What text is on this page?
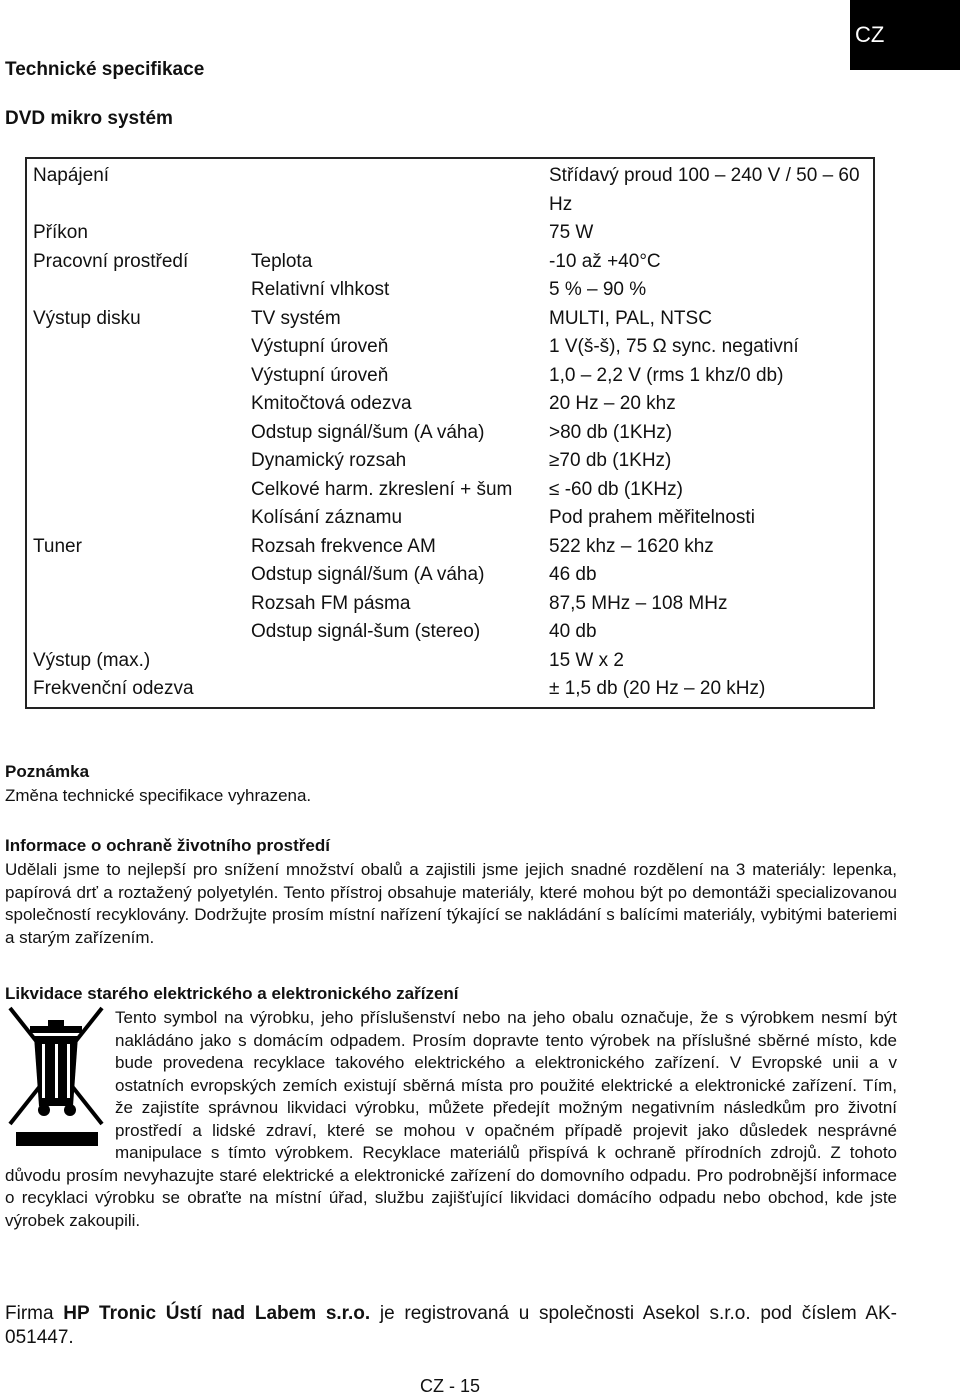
CZ
Technické specifikace
DVD mikro systém
Napájení		Střídavý proud 100 – 240 V / 50 – 60 Hz
Příkon		75 W
Pracovní prostředí	Teplota	-10 až +40°C
	Relativní vlhkost	5 % – 90 %
Výstup disku	TV systém	MULTI, PAL, NTSC
	Výstupní úroveň	1 V(š-š), 75 Ω sync. negativní
	Výstupní úroveň	1,0 – 2,2 V (rms 1 khz/0 db)
	Kmitočtová odezva	20 Hz – 20 khz
	Odstup signál/šum (A váha)	>80 db (1KHz)
	Dynamický rozsah	≥70 db (1KHz)
	Celkové harm. zkreslení + šum	≤ -60 db (1KHz)
	Kolísání záznamu	Pod prahem měřitelnosti
Tuner	Rozsah frekvence AM	522 khz – 1620 khz
	Odstup signál/šum (A váha)	46 db
	Rozsah FM pásma	87,5 MHz – 108 MHz
	Odstup signál-šum (stereo)	40 db
Výstup (max.)		15 W x 2
Frekvenční odezva		± 1,5 db (20 Hz – 20 kHz)
Poznámka
Změna technické specifikace vyhrazena.
Informace o ochraně životního prostředí
Udělali jsme to nejlepší pro snížení množství obalů a zajistili jsme jejich snadné rozdělení na 3 materiály: lepenka, papírová drť a roztažený polyetylén. Tento přístroj obsahuje materiály, které mohou být po demontáži specializovanou společností recyklovány. Dodržujte prosím místní nařízení týkající se nakládání s balícími materiály, vybitými bateriemi a starým zařízením.
Likvidace starého elektrického a elektronického zařízení
Tento symbol na výrobku, jeho příslušenství nebo na jeho obalu označuje, že s výrobkem nesmí být nakládáno jako s domácím odpadem. Prosím dopravte tento výrobek na příslušné sběrné místo, kde bude provedena recyklace takového elektrického a elektronického zařízení. V Evropské unii a v ostatních evropských zemích existují sběrná místa pro použité elektrické a elektronické zařízení. Tím, že zajistíte správnou likvidaci výrobku, můžete předejít možným negativním následkům pro životní prostředí a lidské zdraví, které se mohou v opačném případě projevit jako důsledek nesprávné manipulace s tímto výrobkem. Recyklace materiálů přispívá k ochraně přírodních zdrojů. Z tohoto důvodu prosím nevyhazujte staré elektrické a elektronické zařízení do domovního odpadu. Pro podrobnější informace o recyklaci výrobku se obraťte na místní úřad, službu zajišťující likvidaci domácího odpadu nebo obchod, kde jste výrobek zakoupili.
Firma HP Tronic Ústí nad Labem s.r.o. je registrovaná u společnosti Asekol s.r.o. pod číslem AK-051447.
CZ - 15
